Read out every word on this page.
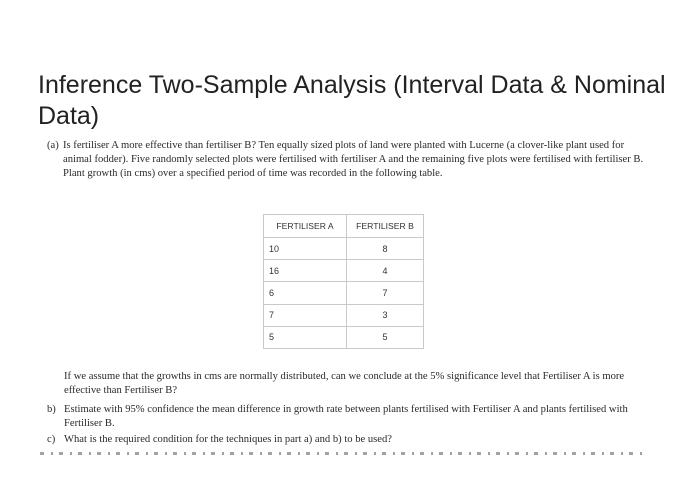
Inference Two-Sample Analysis (Interval Data & Nominal Data)
(a) Is fertiliser A more effective than fertiliser B? Ten equally sized plots of land were planted with Lucerne (a clover-like plant used for animal fodder). Five randomly selected plots were fertilised with fertiliser A and the remaining five plots were fertilised with fertiliser B. Plant growth (in cms) over a specified period of time was recorded in the following table.
FERTILISER A	FERTILISER B
10	8
16	4
6	7
7	3
5	5
If we assume that the growths in cms are normally distributed, can we conclude at the 5% significance level that Fertiliser A is more effective than Fertiliser B?
b) Estimate with 95% confidence the mean difference in growth rate between plants fertilised with Fertiliser A and plants fertilised with Fertiliser B.
c) What is the required condition for the techniques in part a) and b) to be used?
